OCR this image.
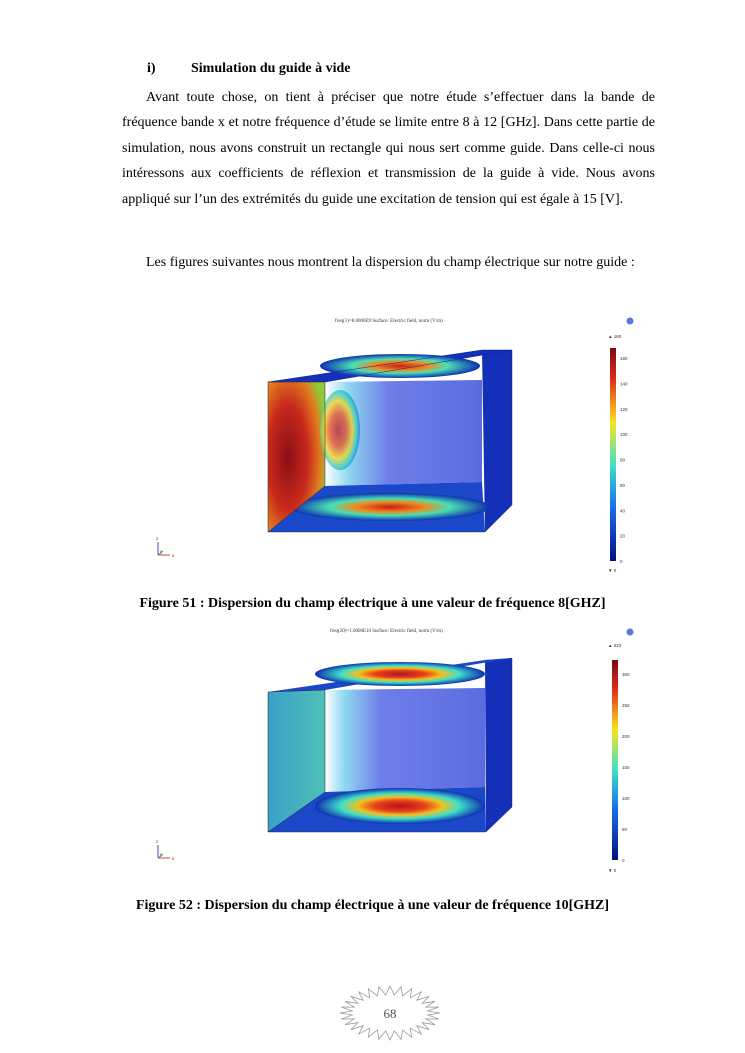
i)	Simulation du guide à vide

Avant toute chose, on tient à préciser que notre étude s’effectuer dans la bande de fréquence bande x et notre fréquence d’étude se limite entre 8 à 12 [GHz]. Dans cette partie de simulation, nous avons construit un rectangle qui nous sert comme guide. Dans celle-ci nous intéressons aux coefficients de réflexion et transmission de la guide à vide. Nous avons appliqué sur l’un des extrémités du guide une excitation de tension qui est égale à 15 [V].

Les figures suivantes nous montrent la dispersion du champ électrique sur notre guide :

freq(1)=8.0000E9 Surface: Electric field, norm (V/m)
z
x
y
▲ 160
160
140
120
100
80
60
40
20
0
▼ 0
Figure 51 : Dispersion du champ électrique à une valeur de fréquence 8[GHZ]
freq(20)=1.0000E10 Surface: Electric field, norm (V/m)
z
x
y
▲ 323
300
250
200
150
100
50
0
▼ 0
Figure 52 : Dispersion du champ électrique à une valeur de fréquence 10[GHZ]
68
